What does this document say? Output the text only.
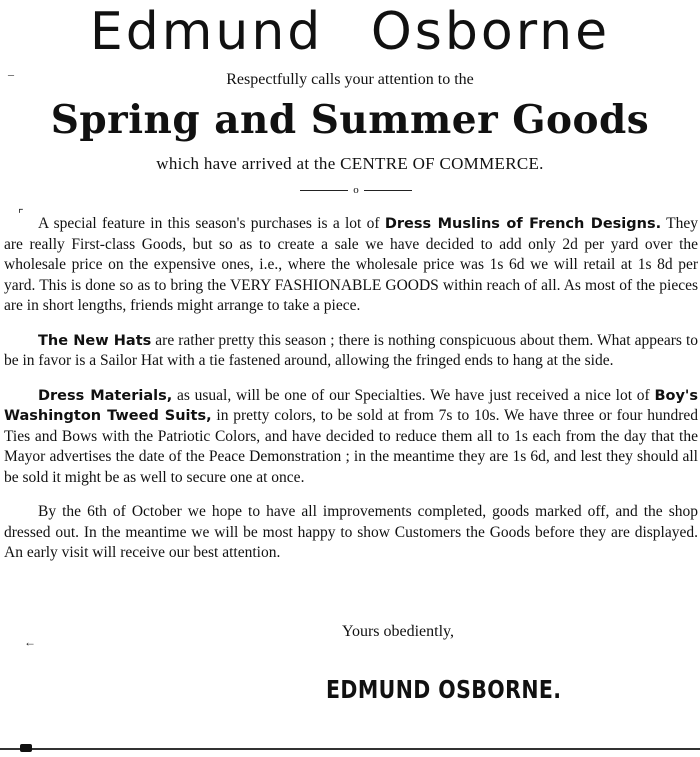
Edmund Osborne
Respectfully calls your attention to the
Spring and Summer Goods
which have arrived at the CENTRE OF COMMERCE.
o

A special feature in this season's purchases is a lot of Dress Muslins of French Designs. They are really First-class Goods, but so as to create a sale we have decided to add only 2d per yard over the wholesale price on the expensive ones, i.e., where the wholesale price was 1s 6d we will retail at 1s 8d per yard. This is done so as to bring the VERY FASHIONABLE GOODS within reach of all. As most of the pieces are in short lengths, friends might arrange to take a piece.

The New Hats are rather pretty this season ; there is nothing conspicuous about them. What appears to be in favor is a Sailor Hat with a tie fastened around, allowing the fringed ends to hang at the side.

Dress Materials, as usual, will be one of our Specialties. We have just received a nice lot of Boy's Washington Tweed Suits, in pretty colors, to be sold at from 7s to 10s. We have three or four hundred Ties and Bows with the Patriotic Colors, and have decided to reduce them all to 1s each from the day that the Mayor advertises the date of the Peace Demonstration ; in the meantime they are 1s 6d, and lest they should all be sold it might be as well to secure one at once.

By the 6th of October we hope to have all improvements completed, goods marked off, and the shop dressed out. In the meantime we will be most happy to show Customers the Goods before they are displayed. An early visit will receive our best attention.

Yours obediently,
EDMUND OSBORNE.
–
⌜
←
